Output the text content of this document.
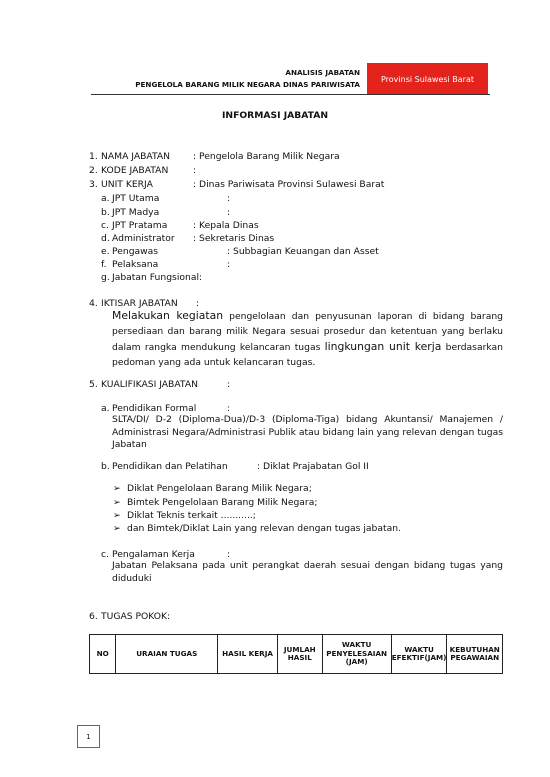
ANALISIS JABATAN
PENGELOLA BARANG MILIK NEGARA DINAS PARIWISATA
Provinsi Sulawesi Barat
INFORMASI JABATAN
1. NAMA JABATAN : Pengelola Barang Milik Negara
2. KODE JABATAN	:
3. UNIT KERJA	: Dinas Pariwisata Provinsi Sulawesi Barat
a. JPT Utama	:
b. JPT Madya	:
c. JPT Pratama	: Kepala Dinas
d. Administrator : Sekretaris Dinas
e. Pengawas	: Subbagian Keuangan dan Asset
f. Pelaksana	:
g. Jabatan Fungsional:
4. IKTISAR JABATAN :
Melakukan kegiatan pengelolaan dan penyusunan laporan di bidang barang persediaan dan barang milik Negara sesuai prosedur dan ketentuan yang berlaku dalam rangka mendukung kelancaran tugas lingkungan unit kerja berdasarkan pedoman yang ada untuk kelancaran tugas.
5. KUALIFIKASI JABATAN	:
a. Pendidikan Formal	:
SLTA/DI/ D-2 (Diploma-Dua)/D-3 (Diploma-Tiga) bidang Akuntansi/ Manajemen / Administrasi Negara/Administrasi Publik atau bidang lain yang relevan dengan tugas Jabatan
b. Pendidikan dan Pelatihan	: Diklat Prajabatan Gol II
➢ Diklat Pengelolaan Barang Milik Negara;
➢ Bimtek Pengelolaan Barang Milik Negara;
➢ Diklat Teknis terkait ...........;
➢ dan Bimtek/Diklat Lain yang relevan dengan tugas jabatan.
c. Pengalaman Kerja	:
Jabatan Pelaksana pada unit perangkat daerah sesuai dengan bidang tugas yang diduduki
6. TUGAS POKOK:
NO	URAIAN TUGAS	HASIL KERJA	JUMLAH HASIL	WAKTU PENYELESAIAN (JAM)	WAKTU EFEKTIF(JAM)	KEBUTUHAN PEGAWAIAN
1
